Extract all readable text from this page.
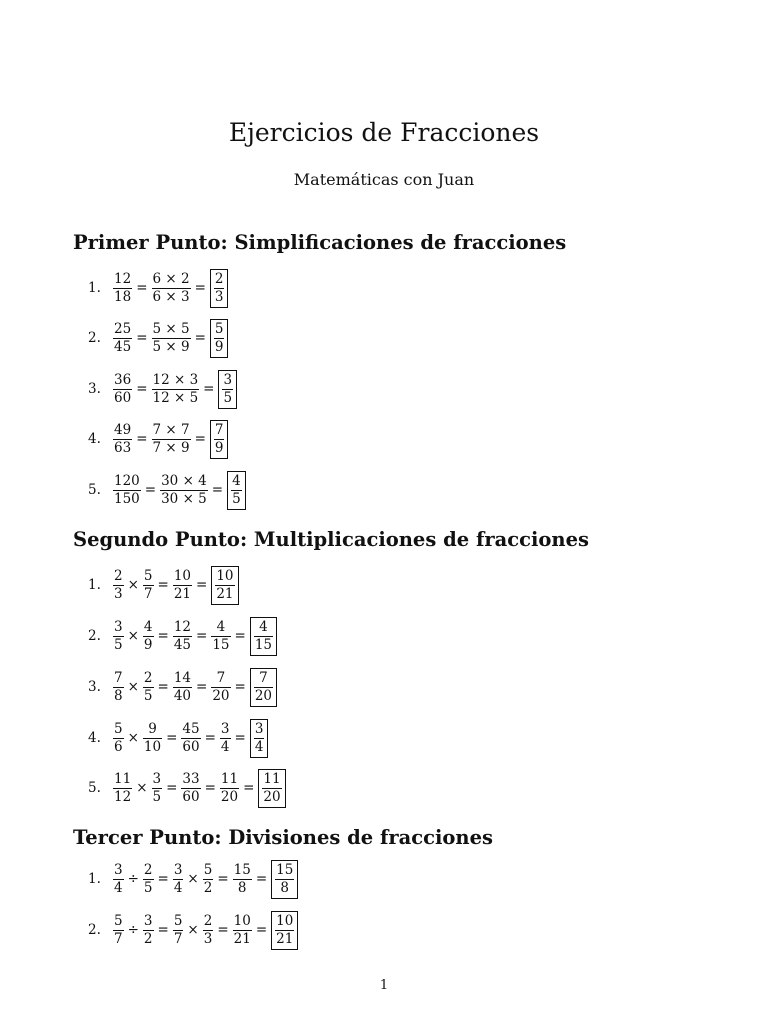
Ejercicios de Fracciones
Matemáticas con Juan
Primer Punto: Simplificaciones de fracciones
1. $\frac{12}{18} = \frac{6 \times 2}{6 \times 3} = \frac{2}{3}$
2. $\frac{25}{45} = \frac{5 \times 5}{5 \times 9} = \frac{5}{9}$
3. $\frac{36}{60} = \frac{12 \times 3}{12 \times 5} = \frac{3}{5}$
4. $\frac{49}{63} = \frac{7 \times 7}{7 \times 9} = \frac{7}{9}$
5. $\frac{120}{150} = \frac{30 \times 4}{30 \times 5} = \frac{4}{5}$
Segundo Punto: Multiplicaciones de fracciones
1. $\frac{2}{3} \times \frac{5}{7} = \frac{10}{21} = \frac{10}{21}$
2. $\frac{3}{5} \times \frac{4}{9} = \frac{12}{45} = \frac{4}{15} = \frac{4}{15}$
3. $\frac{7}{8} \times \frac{2}{5} = \frac{14}{40} = \frac{7}{20} = \frac{7}{20}$
4. $\frac{5}{6} \times \frac{9}{10} = \frac{45}{60} = \frac{3}{4} = \frac{3}{4}$
5. $\frac{11}{12} \times \frac{3}{5} = \frac{33}{60} = \frac{11}{20} = \frac{11}{20}$
Tercer Punto: Divisiones de fracciones
1. $\frac{3}{4} \div \frac{2}{5} = \frac{3}{4} \times \frac{5}{2} = \frac{15}{8} = \frac{15}{8}$
2. $\frac{5}{7} \div \frac{3}{2} = \frac{5}{7} \times \frac{2}{3} = \frac{10}{21} = \frac{10}{21}$
1
